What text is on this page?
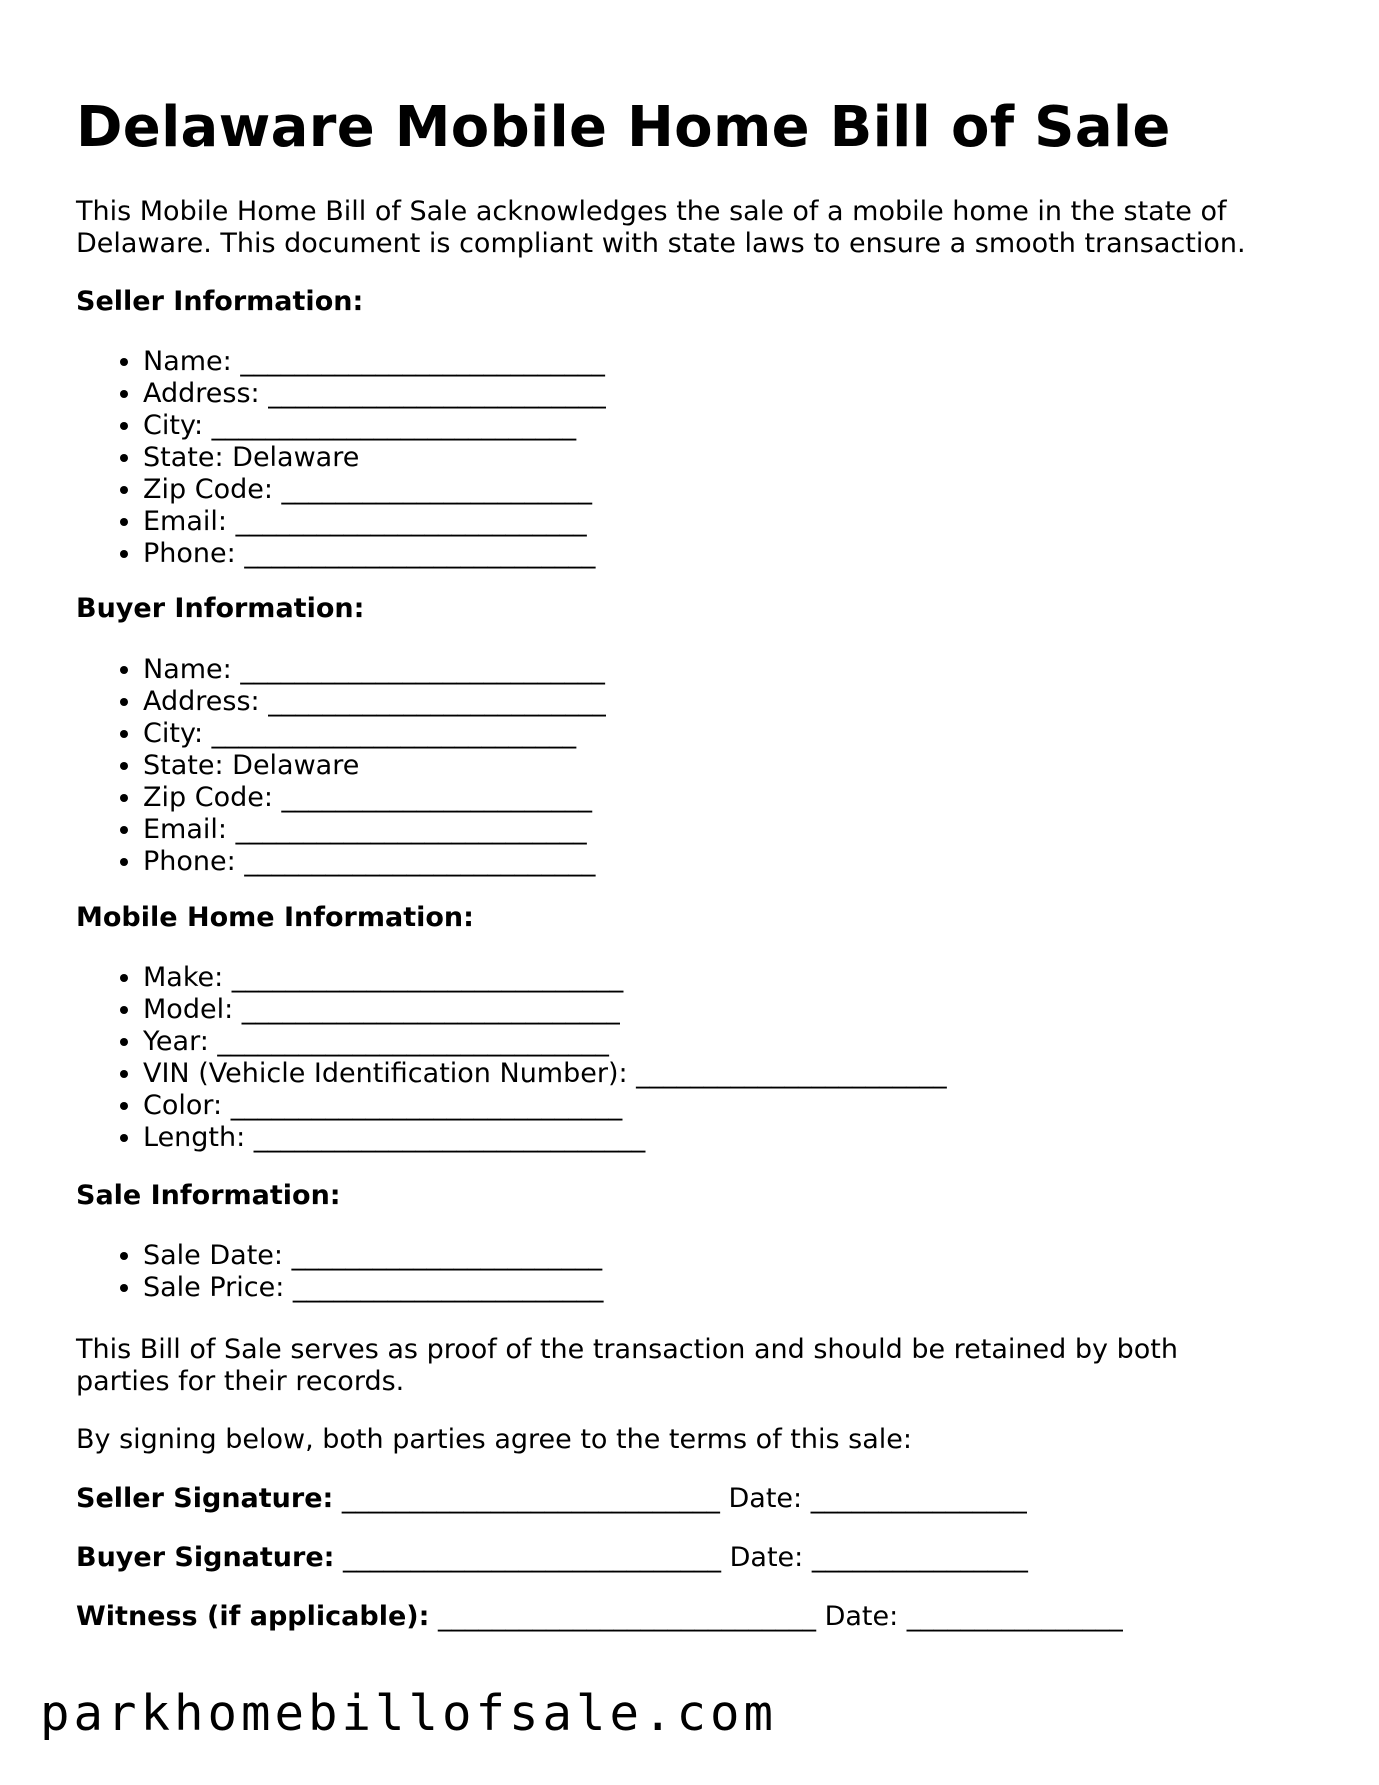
Delaware Mobile Home Bill of Sale

This Mobile Home Bill of Sale acknowledges the sale of a mobile home in the state of Delaware. This document is compliant with state laws to ensure a smooth transaction.

Seller Information:

• Name: ___________________________
• Address: _________________________
• City: ___________________________
• State: Delaware
• Zip Code: _______________________
• Email: __________________________
• Phone: __________________________

Buyer Information:

• Name: ___________________________
• Address: _________________________
• City: ___________________________
• State: Delaware
• Zip Code: _______________________
• Email: __________________________
• Phone: __________________________

Mobile Home Information:

• Make: _____________________________
• Model: ____________________________
• Year: _____________________________
• VIN (Vehicle Identification Number): _______________________
• Color: _____________________________
• Length: _____________________________

Sale Information:

• Sale Date: _______________________
• Sale Price: _______________________

This Bill of Sale serves as proof of the transaction and should be retained by both parties for their records.

By signing below, both parties agree to the terms of this sale:

Seller Signature: ____________________________ Date: ________________

Buyer Signature: ____________________________ Date: ________________

Witness (if applicable): ____________________________ Date: ________________

parkhomebillofsale.com
